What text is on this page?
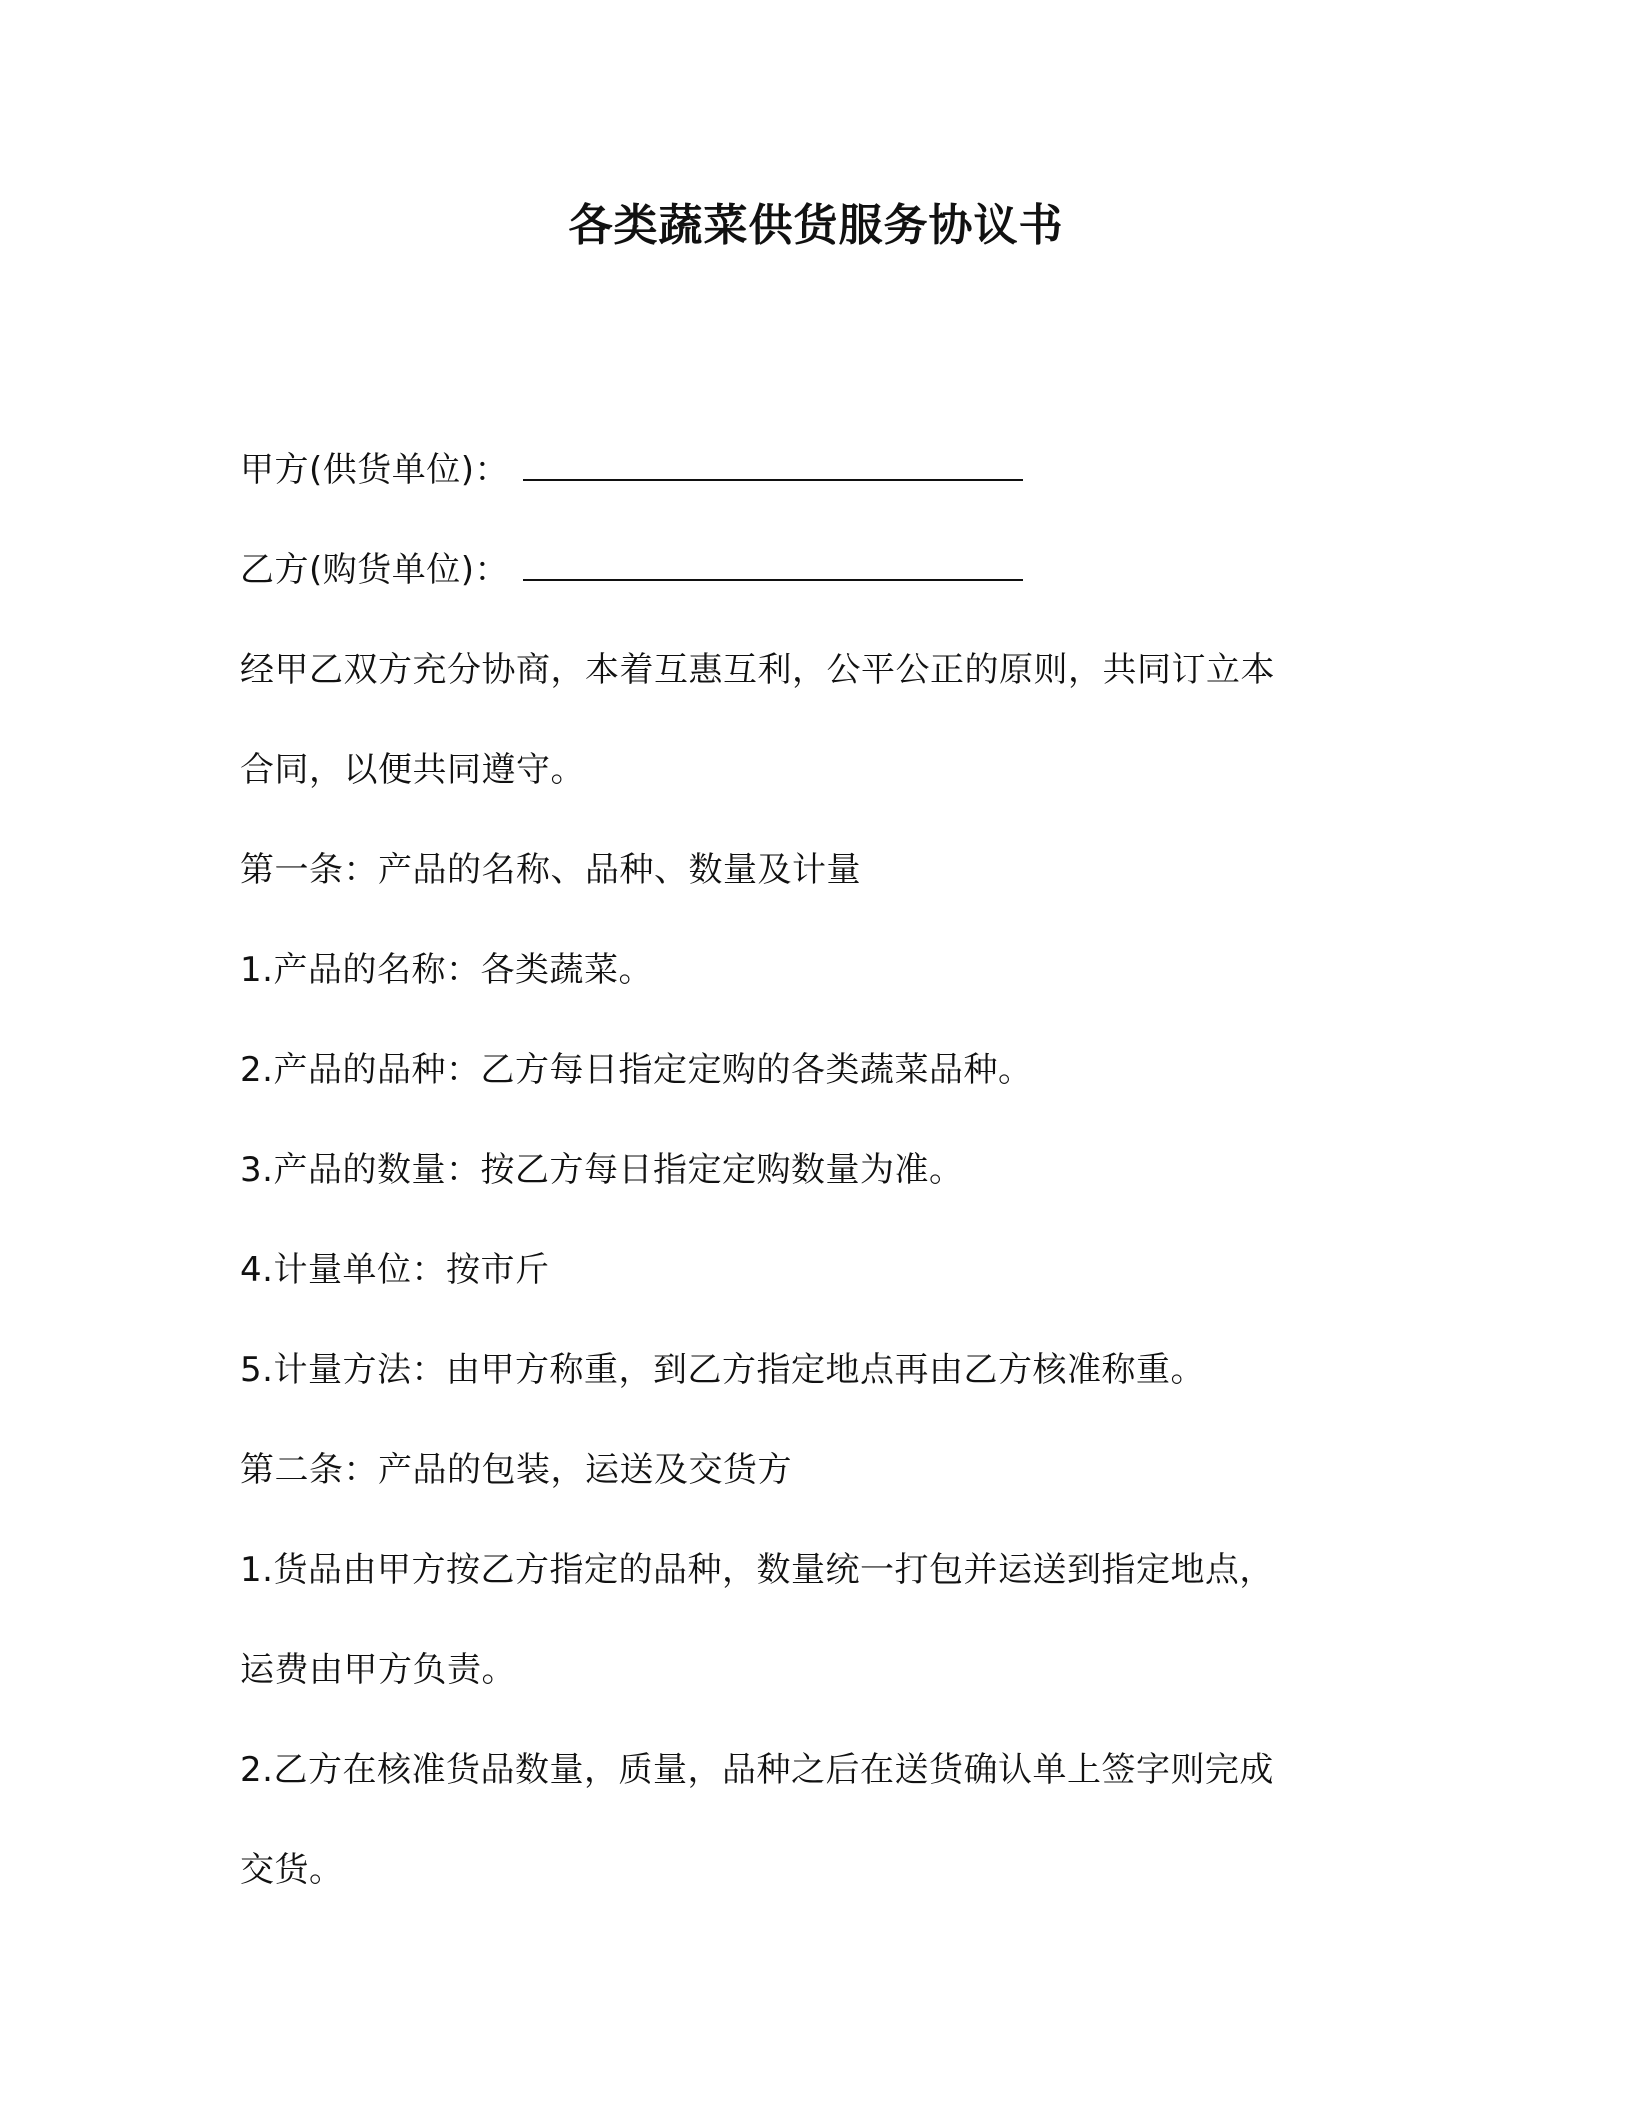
各类蔬菜供货服务协议书
甲方(供货单位)：
乙方(购货单位)：
经甲乙双方充分协商，本着互惠互利，公平公正的原则，共同订立本
合同，以便共同遵守。
第一条：产品的名称、品种、数量及计量
1.产品的名称：各类蔬菜。
2.产品的品种：乙方每日指定定购的各类蔬菜品种。
3.产品的数量：按乙方每日指定定购数量为准。
4.计量单位：按市斤
5.计量方法：由甲方称重，到乙方指定地点再由乙方核准称重。
第二条：产品的包装，运送及交货方
1.货品由甲方按乙方指定的品种，数量统一打包并运送到指定地点，
运费由甲方负责。
2.乙方在核准货品数量，质量，品种之后在送货确认单上签字则完成
交货。
